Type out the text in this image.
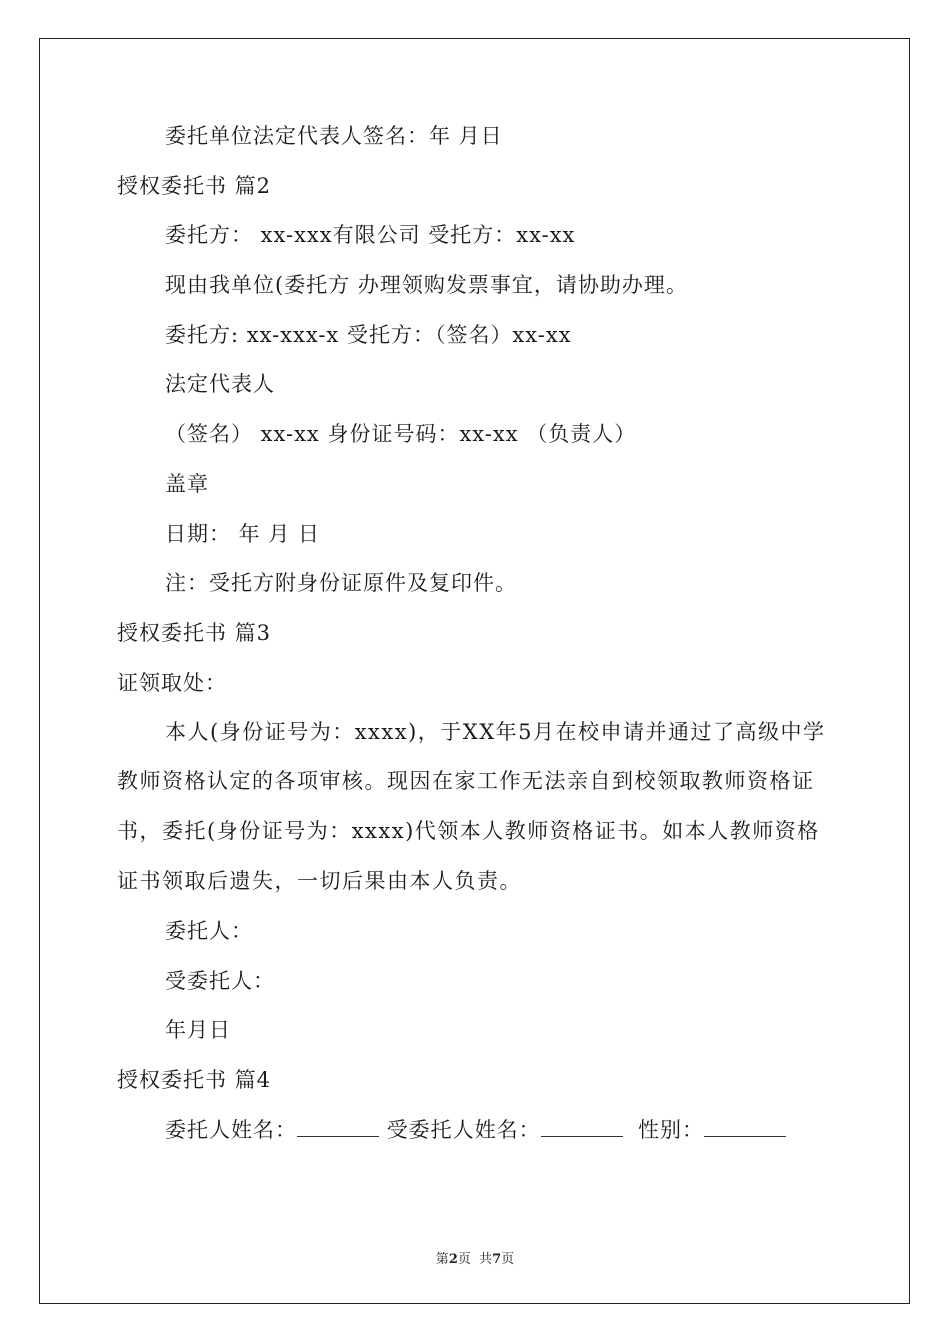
委托单位法定代表人签名：年 月日
授权委托书 篇2
委托方： xx-xxx有限公司 受托方：xx-xx
现由我单位(委托方 办理领购发票事宜，请协助办理。
委托方: xx-xxx-x 受托方：（签名）xx-xx
法定代表人
（签名） xx-xx 身份证号码：xx-xx （负责人）
盖章
日期： 年 月 日
注：受托方附身份证原件及复印件。
授权委托书 篇3
证领取处：
本人(身份证号为：xxxx)，于XX年5月在校申请并通过了高级中学教师资格认定的各项审核。现因在家工作无法亲自到校领取教师资格证书，委托(身份证号为：xxxx)代领本人教师资格证书。如本人教师资格证书领取后遗失，一切后果由本人负责。
委托人：
受委托人：
年月日
授权委托书 篇4
委托人姓名：	受委托人姓名：	性别：
第2页  共7页
